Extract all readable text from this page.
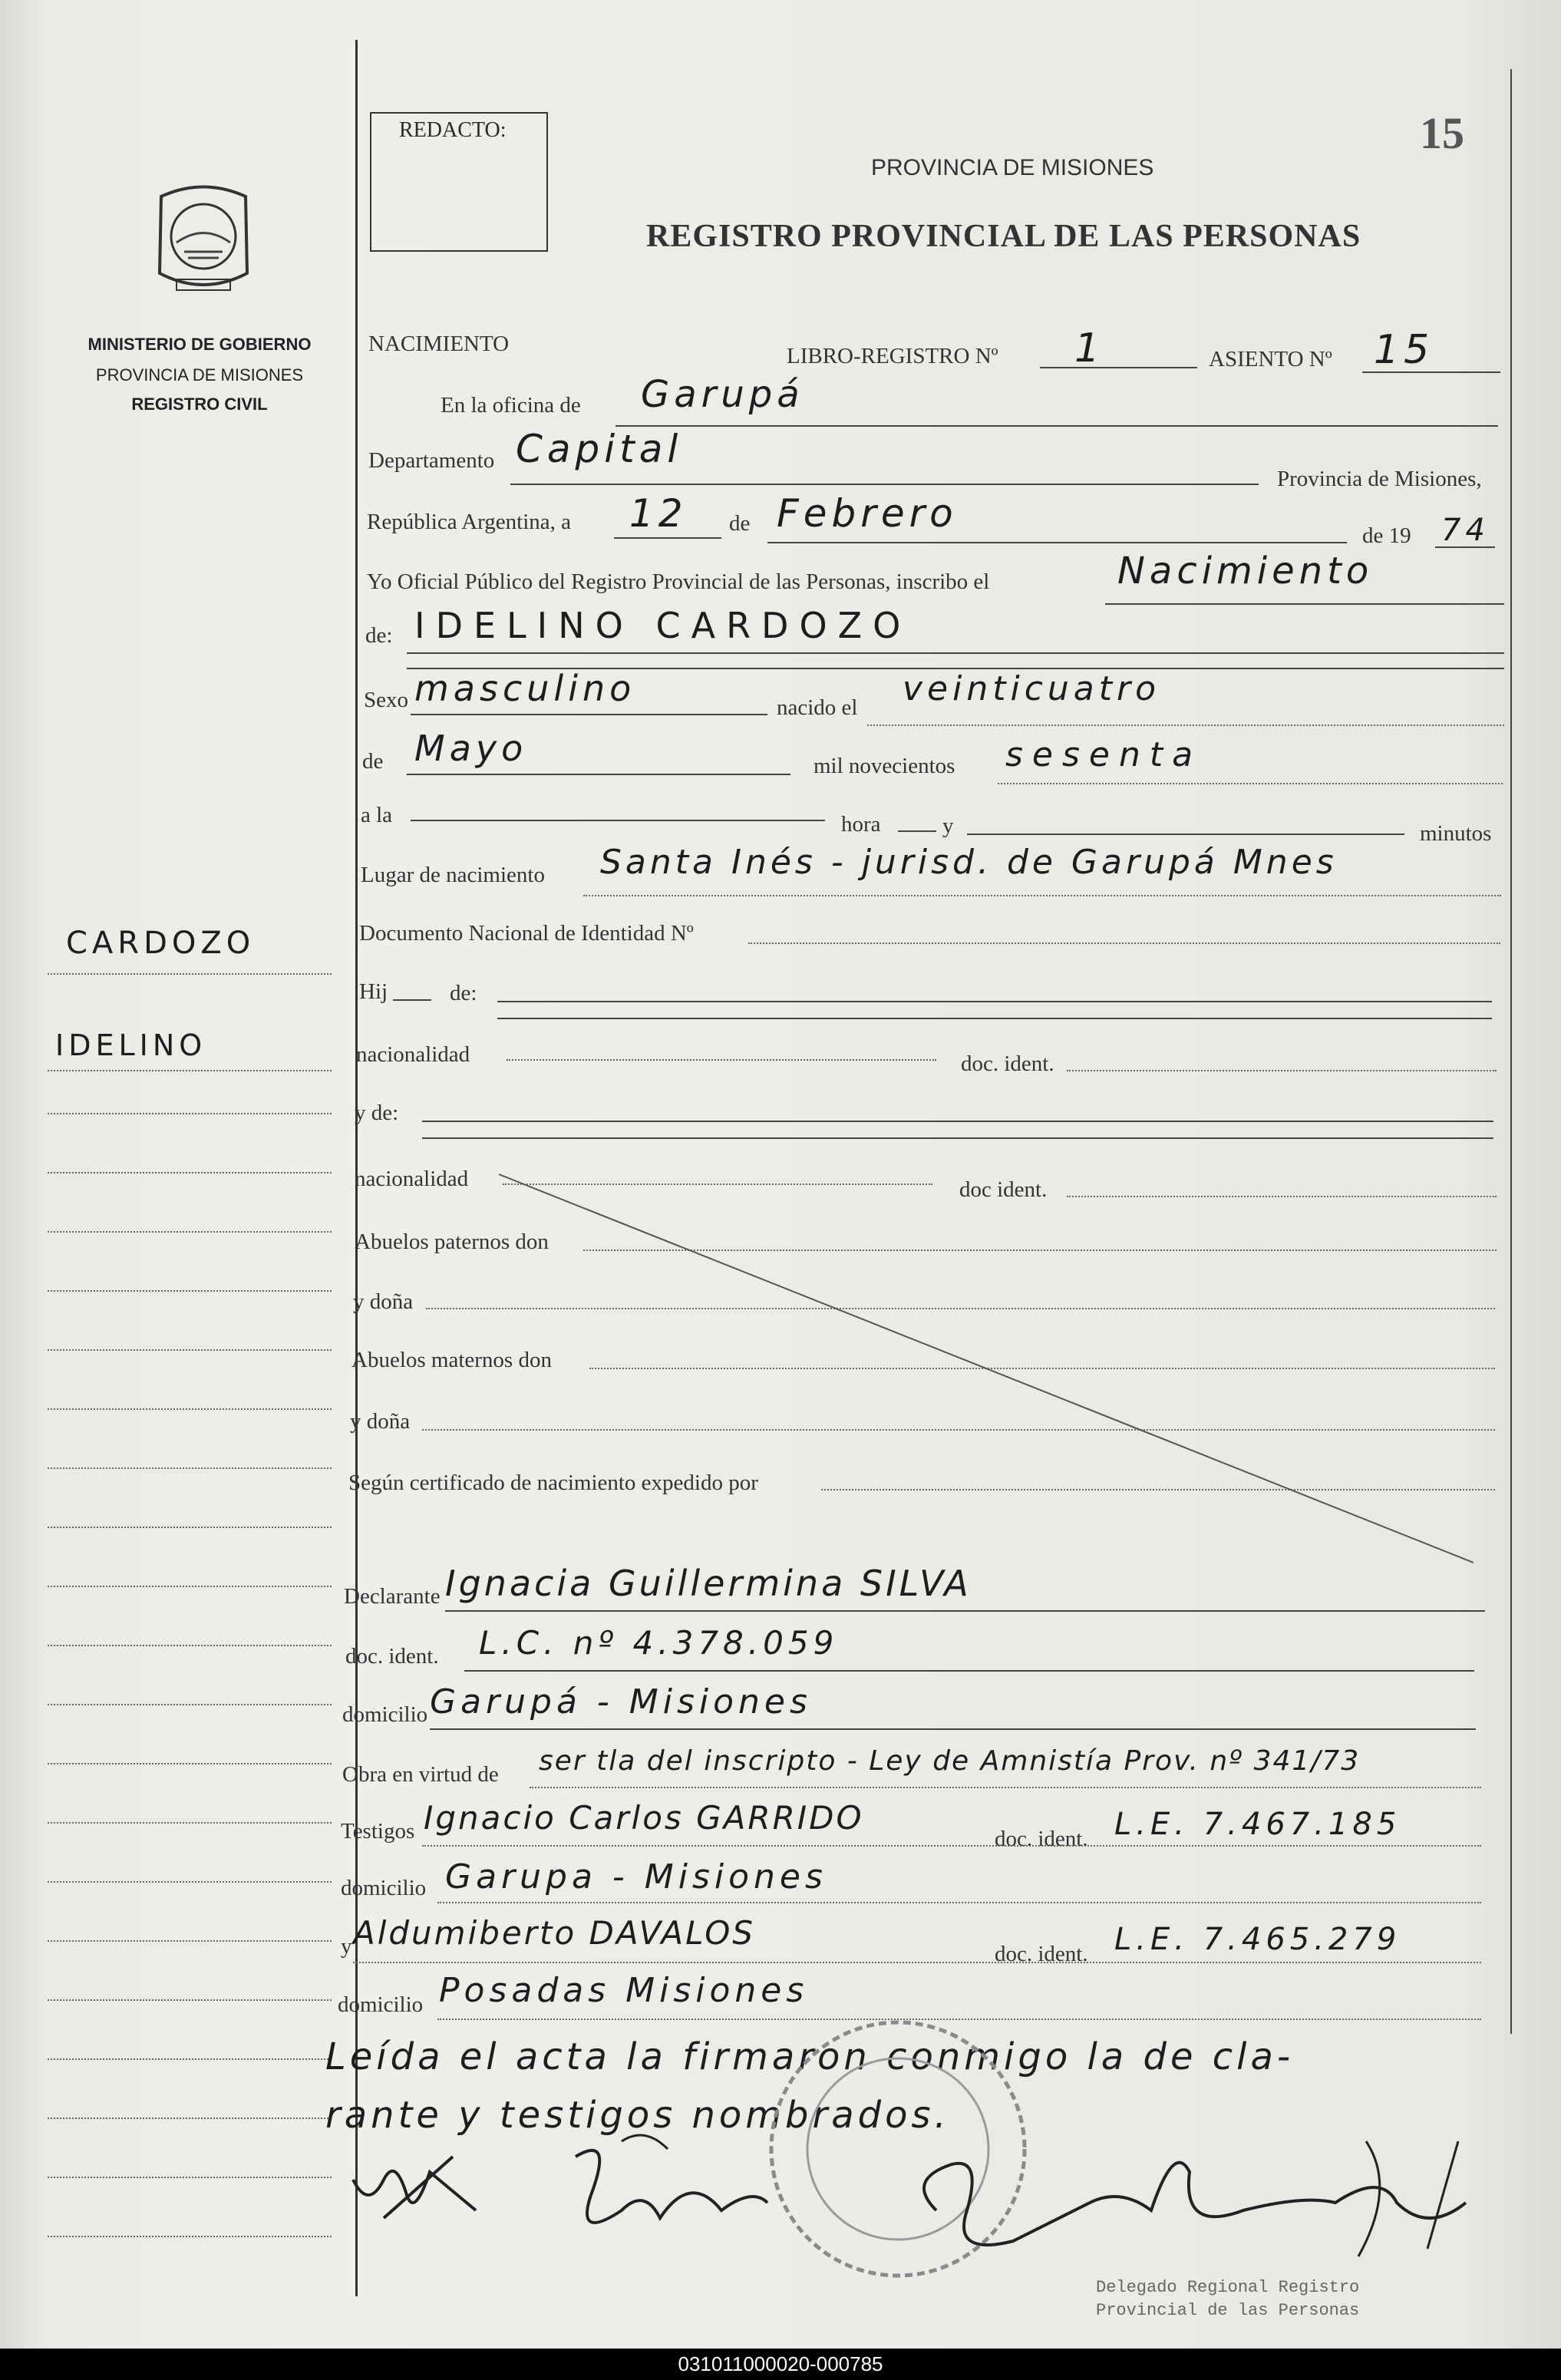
MINISTERIO DE GOBIERNO
PROVINCIA DE MISIONES
REGISTRO CIVIL
CARDOZO
IDELINO
REDACTO:	15
PROVINCIA DE MISIONES
REGISTRO PROVINCIAL DE LAS PERSONAS
NACIMIENTO	LIBRO-REGISTRO Nº 1	ASIENTO Nº 15
En la oficina de Garupá
Departamento Capital
Provincia de Misiones,
República Argentina, a 12 de Febrero	de 19 74
Yo Oficial Público del Registro Provincial de las Personas, inscribo el	Nacimiento
de: IDELINO CARDOZO
Sexo masculino	nacido el veinticuatro
de Mayo	mil novecientos sesenta
a la	hora	y	minutos
Lugar de nacimiento Santa Inés - jurisd. de Garupá Mnes
Documento Nacional de Identidad Nº
Hij	de:
nacionalidad	doc. ident.
y de:
nacionalidad	doc ident.
Abuelos paternos don
y doña
Abuelos maternos don
y doña
Según certificado de nacimiento expedido por
Declarante Ignacia Guillermina SILVA
doc. ident. L.C. nº 4.378.059
domicilio Garupá - Misiones
Obra en virtud de ser tla del inscripto - Ley de Amnistía Prov. nº 341/73
Testigos Ignacio Carlos GARRIDO
doc. ident. L.E. 7.467.185
domicilio Garupa - Misiones
y Aldumiberto DAVALOS
doc. ident. L.E. 7.465.279
domicilio Posadas Misiones
Leída el acta la firmaron conmigo la de cla-
rante y testigos nombrados.
Delegado Regional Registro
Provincial de las Personas
031011000020-000785
